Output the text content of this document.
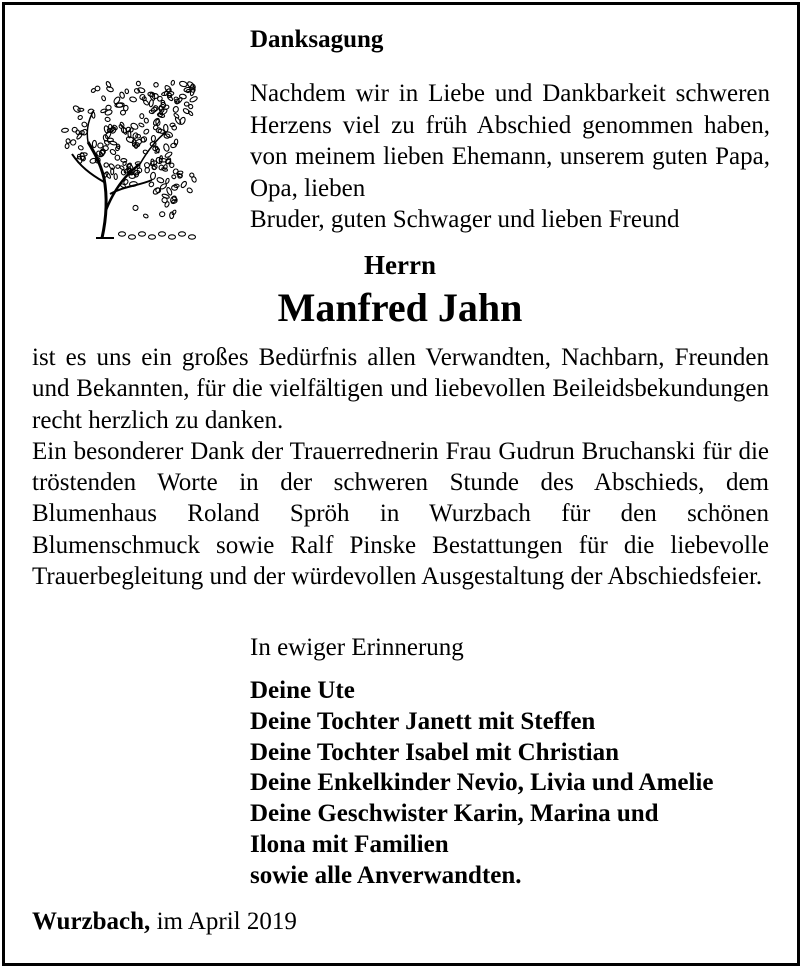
Danksagung

Nachdem wir in Liebe und Dankbarkeit schweren Herzens viel zu früh Abschied genommen haben, von meinem lieben Ehemann, unserem guten Papa, Opa, lieben
Bruder, guten Schwager und lieben Freund

Herrn

Manfred Jahn

ist es uns ein großes Bedürfnis allen Verwandten, Nachbarn, Freunden und Bekannten, für die vielfältigen und liebevollen Beileidsbekundungen recht herzlich zu danken.

Ein besonderer Dank der Trauerrednerin Frau Gudrun Bruchanski für die tröstenden Worte in der schweren Stunde des Abschieds, dem Blumenhaus Roland Spröh in Wurzbach für den schönen Blumenschmuck sowie Ralf Pinske Bestattungen für die liebevolle Trauerbegleitung und der würdevollen Ausgestaltung der Abschiedsfeier.

In ewiger Erinnerung

Deine Ute
Deine Tochter Janett mit Steffen
Deine Tochter Isabel mit Christian
Deine Enkelkinder Nevio, Livia und Amelie
Deine Geschwister Karin, Marina und
Ilona mit Familien
sowie alle Anverwandten.

Wurzbach, im April 2019
